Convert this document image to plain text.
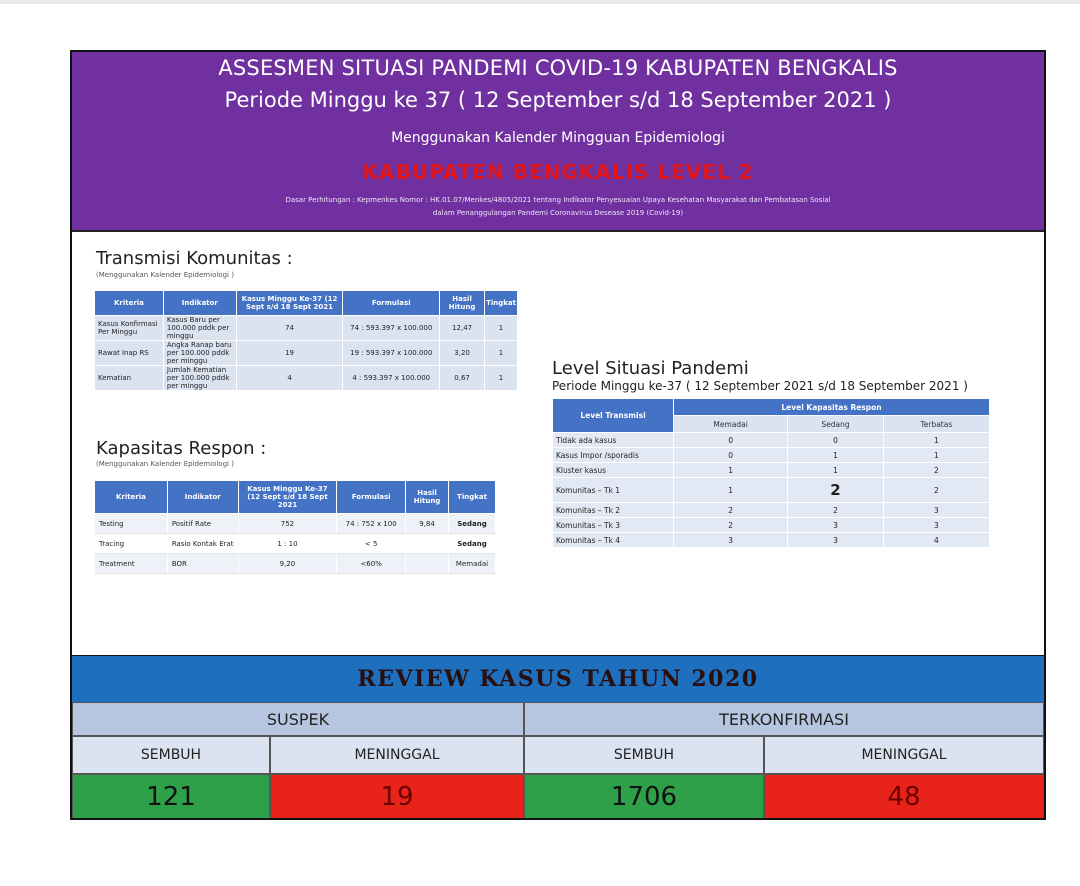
ASSESMEN SITUASI PANDEMI COVID-19 KABUPATEN BENGKALIS
Periode Minggu ke 37 ( 12 September s/d 18 September 2021 )
Menggunakan Kalender Mingguan Epidemiologi
KABUPATEN BENGKALIS LEVEL 2
Dasar Perhitungan : Kepmenkes Nomor : HK.01.07/Menkes/4805/2021 tentang Indikator Penyesuaian Upaya Kesehatan Masyarakat dan Pembatasan Sosial
dalam Penanggulangan Pandemi Coronavirus Desease 2019 (Covid-19)
Transmisi Komunitas :
(Menggunakan Kalender Epidemiologi )
Kriteria	Indikator	Kasus Minggu Ke-37 (12 Sept s/d 18 Sept 2021	Formulasi	Hasil Hitung	Tingkat
Kasus Konfirmasi Per Minggu	Kasus Baru per 100.000 pddk per minggu	74	74 : 593.397 x 100.000	12,47	1
Rawat Inap RS	Angka Ranap baru per 100.000 pddk per minggu	19	19 : 593.397 x 100.000	3,20	1
Kematian	Jumlah Kematian per 100.000 pddk per minggu	4	4 : 593.397 x 100.000	0,67	1
Kapasitas Respon :
(Menggunakan Kalender Epidemiologi )
Kriteria	Indikator	Kasus Minggu Ke-37 (12 Sept s/d 18 Sept 2021	Formulasi	Hasil Hitung	Tingkat
Testing	Positif Rate	752	74 : 752 x 100	9,84	Sedang
Tracing	Rasio Kontak Erat	1 : 10	< 5		Sedang
Treatment	BOR	9,20	<60%		Memadai
Level Situasi Pandemi
Periode Minggu ke-37 ( 12 September 2021 s/d 18 September 2021 )
Level Transmisi	Level Kapasitas Respon		
	Memadai	Sedang	Terbatas
Tidak ada kasus	0	0	1
Kasus Impor /sporadis	0	1	1
Kluster kasus	1	1	2
Komunitas – Tk 1	1	2	2
Komunitas – Tk 2	2	2	3
Komunitas – Tk 3	2	3	3
Komunitas – Tk 4	3	3	4
REVIEW KASUS TAHUN 2020
SUSPEK	TERKONFIRMASI
SEMBUH	MENINGGAL	SEMBUH	MENINGGAL
121	19	1706	48
